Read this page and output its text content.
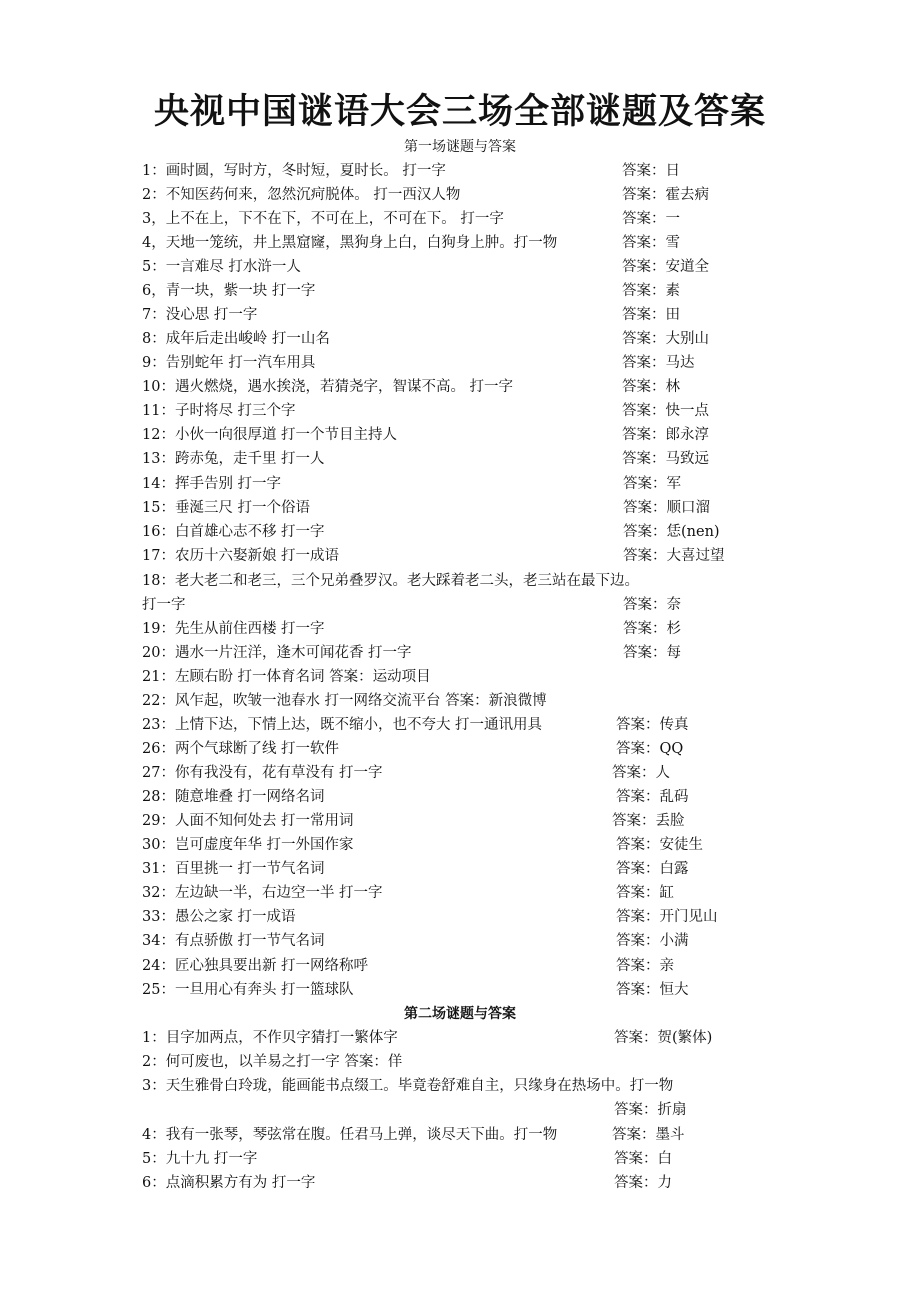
央视中国谜语大会三场全部谜题及答案
第一场谜题与答案
1：画时圆，写时方，冬时短，夏时长。 打一字	答案：日
2：不知医药何来，忽然沉疴脱体。 打一西汉人物	答案：霍去病
3，上不在上，下不在下，不可在上，不可在下。 打一字	答案：一
4，天地一笼统，井上黑窟窿，黑狗身上白，白狗身上肿。打一物	答案：雪
5：一言难尽 打水浒一人	答案：安道全
6，青一块，紫一块 打一字	答案：素
7：没心思 打一字	答案：田
8：成年后走出峻岭 打一山名	答案：大别山
9：告别蛇年 打一汽车用具	答案：马达
10：遇火燃烧，遇水挨浇，若猜尧字，智谋不高。 打一字	答案：林
11：子时将尽 打三个字	答案：快一点
12：小伙一向很厚道 打一个节目主持人	答案：郎永淳
13：跨赤兔，走千里 打一人	答案：马致远
14：挥手告别 打一字	答案：军
15：垂涎三尺 打一个俗语	答案：顺口溜
16：白首雄心志不移 打一字	答案：恁(nen)
17：农历十六娶新娘 打一成语	答案：大喜过望
18：老大老二和老三，三个兄弟叠罗汉。老大踩着老二头，老三站在最下边。
打一字	答案：奈
19：先生从前住西楼 打一字	答案：杉
20：遇水一片汪洋，逢木可闻花香 打一字	答案：每
21：左顾右盼 打一体育名词 答案：运动项目
22：风乍起，吹皱一池春水 打一网络交流平台 答案：新浪微博
23：上情下达，下情上达，既不缩小，也不夸大 打一通讯用具	答案：传真
26：两个气球断了线 打一软件	答案：QQ
27：你有我没有，花有草没有 打一字	答案：人
28：随意堆叠 打一网络名词	答案：乱码
29：人面不知何处去 打一常用词	答案：丢脸
30：岂可虚度年华 打一外国作家	答案：安徒生
31：百里挑一 打一节气名词	答案：白露
32：左边缺一半，右边空一半 打一字	答案：缸
33：愚公之家 打一成语	答案：开门见山
34：有点骄傲 打一节气名词	答案：小满
24：匠心独具要出新 打一网络称呼	答案：亲
25：一旦用心有奔头 打一篮球队	答案：恒大
第二场谜题与答案
1：目字加两点，不作贝字猜打一繁体字	答案：贺(繁体)
2：何可废也，以羊易之打一字 答案：佯
3：天生雅骨白玲珑，能画能书点缀工。毕竟卷舒难自主，只缘身在热场中。打一物
答案：折扇
4：我有一张琴，琴弦常在腹。任君马上弹，谈尽天下曲。打一物	答案：墨斗
5：九十九 打一字	答案：白
6：点滴积累方有为 打一字	答案：力
